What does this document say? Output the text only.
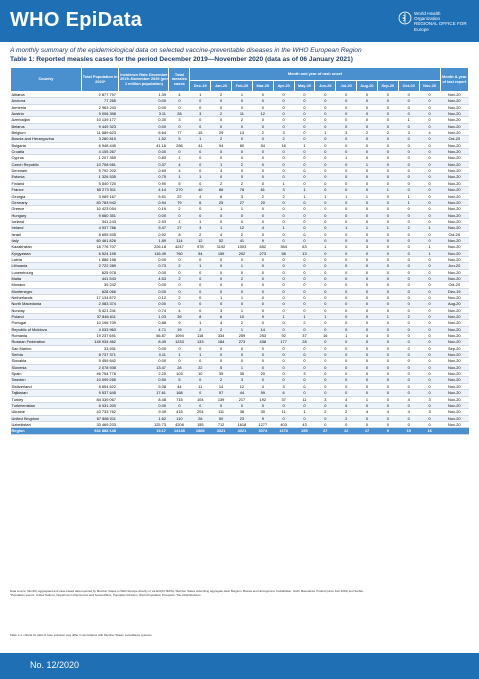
WHO EpiData	World Health
Organization
REGIONAL OFFICE FOR
Europe
A monthly summary of the epidemiological data on selected vaccine-preventable diseases in the WHO European Region
Table 1: Reported measles cases for the period December 2019—November 2020 (data as of 06 January 2021)
Country	Total Population in 2020*	Incidence Rate December 2019–November 2020 (per 1 million population)	Total measles cases	Month and year of rash onset												Month & year of last report
				Dec-19	Jan-20	Feb-20	Mar-20	Apr-20	May-20	Jun-20	Jul-20	Aug-20	Sep-20	Oct-20	Nov-20	
Albania	2 877 797	1.39	4	1	2	1	0	0	0	0	0	0	0	0	0	Nov-20
Andorra	77 265	0.00	0	0	0	0	0	0	0	0	0	0	0	0	0	Nov-20
Armenia	2 963 243	0.00	0	0	0	0	0	0	0	0	0	0	0	0	0	Nov-20
Austria	9 006 398	3.11	28	3	2	11	12	0	0	0	0	0	0	0	0	Nov-20
Azerbaijan	10 139 177	0.30	3	0	0	2	0	0	0	0	0	0	0	1	0	Nov-20
Belarus	9 449 323	0.00	0	0	0	0	0	0	0	0	0	0	0	0	0	Nov-20
Belgium	11 589 623	6.64	77	15	29	13	2	3	0	1	3	2	2	3	4	Nov-20
Bosnia and Herzegovina	3 280 819	1.52	5	1	2	0	0	2	0	0	0	0	0	0	0	Oct-20
Bulgaria	6 948 445	41.16	286	41	94	80	54	16	1	0	0	0	0	0	0	Nov-20
Croatia	4 105 267	0.00	0	0	0	0	0	0	0	0	0	0	0	0	0	Nov-20
Cyprus	1 207 359	0.83	1	0	0	0	0	0	0	0	1	0	0	0	0	Nov-20
Czech Republic	10 708 981	0.37	4	0	1	2	0	0	0	0	0	1	0	0	0	Nov-20
Denmark	5 792 202	0.69	4	0	4	0	0	0	0	0	0	0	0	0	0	Nov-20
Estonia	1 326 535	0.75	1	1	0	0	0	0	0	0	0	0	0	0	0	Nov-20
Finland	5 540 720	0.90	5	0	2	2	0	1	0	0	0	0	0	0	0	Nov-20
France	65 273 511	4.14	270	40	86	78	61	3	1	0	0	0	1	0	0	Nov-20
Georgia	3 989 167	5.51	22	4	6	3	2	2	1	1	1	1	0	1	0	Nov-20
Germany	83 783 942	0.94	79	6	25	27	20	0	0	0	0	0	0	1	0	Nov-20
Greece	10 423 054	0.19	2	0	1	1	0	0	0	0	0	0	0	0	0	Nov-20
Hungary	9 660 351	0.00	0	0	0	0	0	0	0	0	0	0	0	0	0	Nov-20
Iceland	341 243	2.93	1	1	0	0	0	0	0	0	0	0	0	0	0	Nov-20
Ireland	4 937 786	5.47	27	3	1	12	4	1	0	0	1	1	1	2	1	Nov-20
Israel	8 655 535	0.92	8	2	4	2	0	0	0	0	0	0	0	0	0	Oct-20
Italy	60 461 826	1.89	114	12	52	41	9	0	0	0	0	0	0	0	0	Nov-20
Kazakhstan	18 776 707	226.18	4247	978	1192	1003	652	354	63	1	0	3	0	0	1	Nov-20
Kyrgyzstan	6 524 195	116.49	760	54	159	202	273	58	13	0	0	0	0	0	1	Nov-20
Latvia	1 886 198	0.00	0	0	0	0	0	0	0	0	0	0	0	0	0	Nov-20
Lithuania	2 722 289	0.73	2	1	0	1	0	0	0	0	0	0	0	0	0	Jun-20
Luxembourg	625 978	0.00	0	0	0	0	0	0	0	0	0	0	0	0	0	Nov-20
Malta	441 543	4.53	2	0	0	2	0	0	0	0	0	0	0	0	0	Nov-20
Monaco	39 242	0.00	0	0	0	0	0	0	0	0	0	0	0	0	0	Oct-20
Montenegro	628 066	0.00	0	0	0	0	0	0	0	0	0	0	0	0	0	Dec-19
Netherlands	17 134 872	0.12	2	0	1	1	0	0	0	0	0	0	0	0	0	Nov-20
North Macedonia	2 083 374	0.00	0	0	0	0	0	0	0	0	0	0	0	0	0	Aug-20
Norway	5 421 241	0.74	4	0	3	1	0	0	0	0	0	0	0	0	0	Nov-20
Poland	37 846 611	1.03	39	8	6	10	9	1	1	1	0	0	1	2	0	Nov-20
Portugal	10 196 709	0.88	9	1	4	2	0	0	2	0	0	0	0	0	0	Nov-20
Republic of Moldova	4 033 963	4.71	19	2	2	1	14	0	0	0	0	0	0	0	0	Nov-20
Romania	19 237 691	56.87	1094	118	334	259	253	92	37	16	1	4	0	0	0	Nov-20
Russian Federation	145 934 462	8.45	1233	133	184	273	438	177	28	0	0	0	0	0	0	Nov-20
San Marino	33 931	0.00	0	0	0	0	0	0	0	0	0	0	0	0	0	Sep-20
Serbia	8 737 371	0.11	1	1	0	0	0	0	0	0	0	0	0	0	0	Nov-20
Slovakia	5 459 642	0.00	0	0	0	0	0	0	0	0	0	0	0	0	0	Nov-20
Slovenia	2 078 938	13.47	28	22	5	1	0	0	0	0	0	0	0	0	0	Nov-20
Spain	46 754 778	2.20	103	10	35	35	20	0	3	0	0	0	0	0	0	Nov-20
Sweden	10 099 265	0.50	5	0	2	3	0	0	0	0	0	0	0	0	0	Nov-20
Switzerland	8 654 622	5.08	44	11	14	12	4	3	0	0	0	0	0	0	0	Nov-20
Tajikistan	9 537 645	17.61	168	0	57	44	59	6	0	0	0	0	0	0	0	Nov-20
Turkey	84 339 067	8.48	715	104	139	217	192	37	11	3	4	1	0	4	3	Nov-20
Turkmenistan	6 031 200	0.00	0	0	0	0	0	0	0	0	0	0	0	0	0	Nov-20
Ukraine	43 733 762	9.49	415	204	111	38	30	11	1	2	2	4	4	4	3	Nov-20
United Kingdom	67 886 011	1.62	110	26	50	23	9	0	0	0	2	0	0	0	0	Nov-20
Uzbekistan	33 469 203	125.73	4208	155	712	1618	1277	403	43	0	0	0	0	0	0	Nov-20
Region	932 888 148	15.17	14148	1868	3321	4021	3374	1173	255	27	12	17	9	15	16	
Data source: Monthly aggregated and case-based data reported by Member States to WHO Europe directly or via ECDC/TESSy. Member States submitting aggregate data: Belgium, Bosnia and Herzegovina, Kazakhstan, North Macedonia, Poland (since Feb 2019) and Serbia.
*Population source: United Nations, Department of Economic and Social Affairs, Population Division. World Population Prospects: The 2019 Revision.
Table 1-4, criteria for data of case inclusion may differ in accordance with Member States' surveillance systems.
No. 12/2020
